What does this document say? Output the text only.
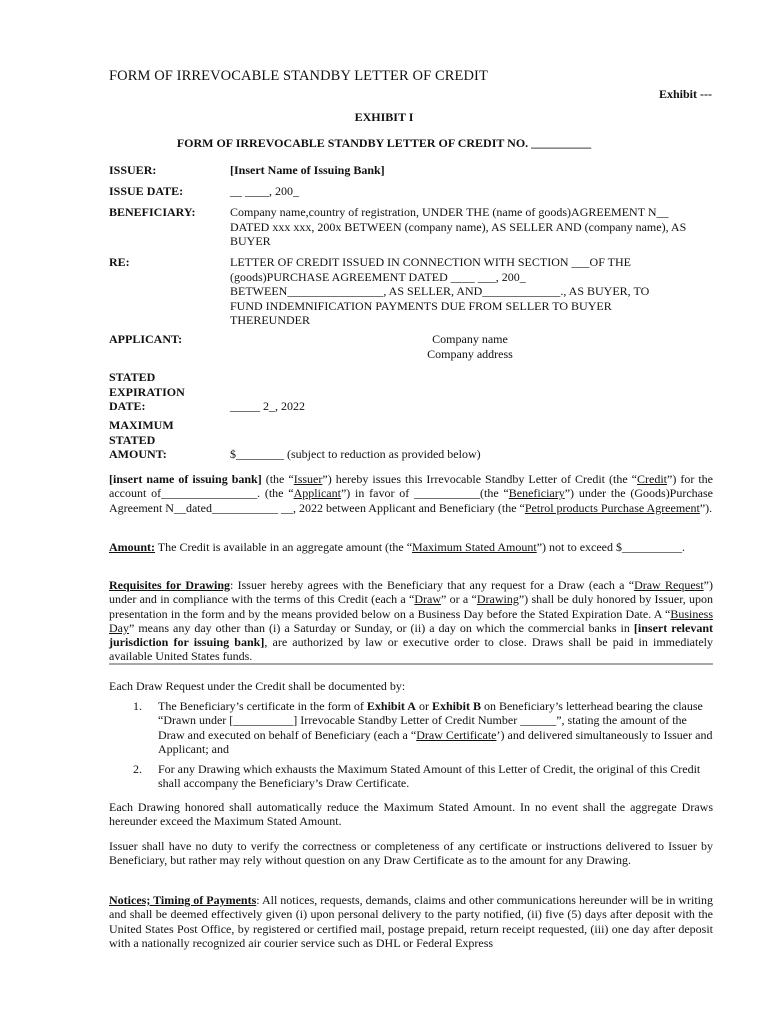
FORM OF IRREVOCABLE STANDBY LETTER OF CREDIT
Exhibit ---
EXHIBIT I
FORM OF IRREVOCABLE STANDBY LETTER OF CREDIT NO. __________
ISSUER:	[Insert Name of Issuing Bank]
ISSUE DATE:	__ ____, 200_
BENEFICIARY:	Company name,country of registration, UNDER THE (name of goods)AGREEMENT N__ DATED xxx xxx, 200x BETWEEN (company name), AS SELLER AND (company name), AS BUYER
RE:	LETTER OF CREDIT ISSUED IN CONNECTION WITH SECTION ___OF THE
(goods)PURCHASE AGREEMENT DATED ____ ___, 200_
BETWEEN________________, AS SELLER, AND_____________., AS BUYER, TO
FUND INDEMNIFICATION PAYMENTS DUE FROM SELLER TO BUYER
THEREUNDER
APPLICANT:	Company name
Company address
STATED
EXPIRATION
DATE:	_____ 2_, 2022
MAXIMUM
STATED
AMOUNT:	$________ (subject to reduction as provided below)
[insert name of issuing bank] (the “Issuer”) hereby issues this Irrevocable Standby Letter of Credit (the “Credit”) for the account of________________. (the “Applicant”) in favor of ___________(the “Beneficiary”) under the (Goods)Purchase Agreement N__dated___________ __, 2022 between Applicant and Beneficiary (the “Petrol products Purchase Agreement”).
Amount: The Credit is available in an aggregate amount (the “Maximum Stated Amount”) not to exceed $__________.
Requisites for Drawing: Issuer hereby agrees with the Beneficiary that any request for a Draw (each a “Draw Request”) under and in compliance with the terms of this Credit (each a “Draw” or a “Drawing”) shall be duly honored by Issuer, upon presentation in the form and by the means provided below on a Business Day before the Stated Expiration Date. A “Business Day” means any day other than (i) a Saturday or Sunday, or (ii) a day on which the commercial banks in [insert relevant jurisdiction for issuing bank], are authorized by law or executive order to close. Draws shall be paid in immediately available United States funds.
Each Draw Request under the Credit shall be documented by:
1. The Beneficiary’s certificate in the form of Exhibit A or Exhibit B on Beneficiary’s letterhead bearing the clause “Drawn under [__________] Irrevocable Standby Letter of Credit Number ______”, stating the amount of the Draw and executed on behalf of Beneficiary (each a “Draw Certificate’) and delivered simultaneously to Issuer and Applicant; and
2. For any Drawing which exhausts the Maximum Stated Amount of this Letter of Credit, the original of this Credit shall accompany the Beneficiary’s Draw Certificate.
Each Drawing honored shall automatically reduce the Maximum Stated Amount. In no event shall the aggregate Draws hereunder exceed the Maximum Stated Amount.
Issuer shall have no duty to verify the correctness or completeness of any certificate or instructions delivered to Issuer by Beneficiary, but rather may rely without question on any Draw Certificate as to the amount for any Drawing.
Notices; Timing of Payments: All notices, requests, demands, claims and other communications hereunder will be in writing and shall be deemed effectively given (i) upon personal delivery to the party notified, (ii) five (5) days after deposit with the United States Post Office, by registered or certified mail, postage prepaid, return receipt requested, (iii) one day after deposit with a nationally recognized air courier service such as DHL or Federal Express
